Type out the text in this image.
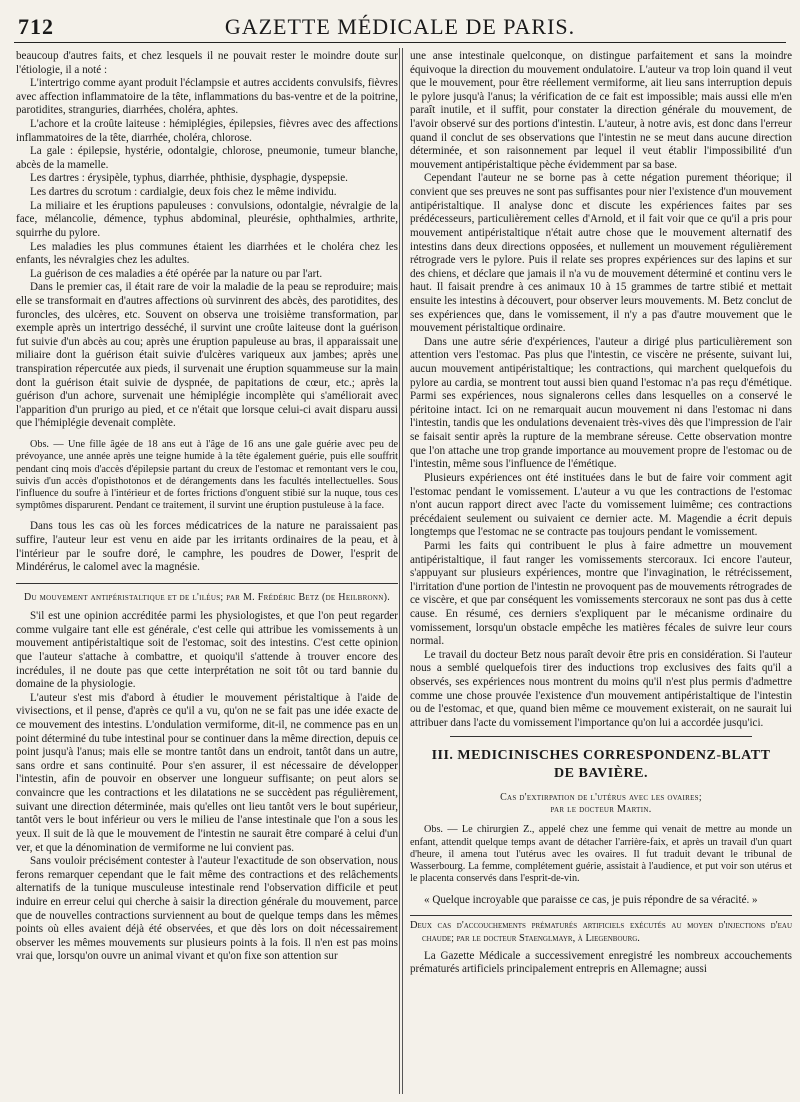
712	GAZETTE MÉDICALE DE PARIS.

beaucoup d'autres faits, et chez lesquels il ne pouvait rester le moindre doute sur l'étiologie, il a noté :

L'intertrigo comme ayant produit l'éclampsie et autres accidents convulsifs, fièvres avec affection inflammatoire de la tête, inflammations du bas-ventre et de la poitrine, parotidites, stranguries, diarrhées, choléra, aphtes.

L'achore et la croûte laiteuse : hémiplégies, épilepsies, fièvres avec des affections inflammatoires de la tête, diarrhée, choléra, chlorose.

La gale : épilepsie, hystérie, odontalgie, chlorose, pneumonie, tumeur blanche, abcès de la mamelle.

Les dartres : érysipèle, typhus, diarrhée, phthisie, dysphagie, dyspepsie.

Les dartres du scrotum : cardialgie, deux fois chez le même individu.

La miliaire et les éruptions papuleuses : convulsions, odontalgie, névralgie de la face, mélancolie, démence, typhus abdominal, pleurésie, ophthalmies, arthrite, squirrhe du pylore.

Les maladies les plus communes étaient les diarrhées et le choléra chez les enfants, les névralgies chez les adultes.

La guérison de ces maladies a été opérée par la nature ou par l'art.

Dans le premier cas, il était rare de voir la maladie de la peau se reproduire; mais elle se transformait en d'autres affections où survinrent des abcès, des parotidites, des furoncles, des ulcères, etc. Souvent on observa une troisième transformation, par exemple après un intertrigo desséché, il survint une croûte laiteuse dont la guérison fut suivie d'un abcès au cou; après une éruption papuleuse au bras, il apparaissait une miliaire dont la guérison était suivie d'ulcères variqueux aux jambes; après une transpiration répercutée aux pieds, il survenait une éruption squammeuse sur la main dont la guérison était suivie de dyspnée, de papitations de cœur, etc.; après la guérison d'un achore, survenait une hémiplégie incomplète qui s'améliorait avec l'apparition d'un prurigo au pied, et ce n'était que lorsque celui-ci avait disparu aussi que l'hémiplégie devenait complète.

Obs. — Une fille âgée de 18 ans eut à l'âge de 16 ans une gale guérie avec peu de prévoyance, une année après une teigne humide à la tête également guérie, puis elle souffrit pendant cinq mois d'accès d'épilepsie partant du creux de l'estomac et remontant vers le cou, suivis d'un accès d'opisthotonos et de dérangements dans les facultés intellectuelles. Sous l'influence du soufre à l'intérieur et de fortes frictions d'onguent stibié sur la nuque, tous ces symptômes disparurent. Pendant ce traitement, il survint une éruption pustuleuse à la face.

Dans tous les cas où les forces médicatrices de la nature ne paraissaient pas suffire, l'auteur leur est venu en aide par les irritants ordinaires de la peau, et à l'intérieur par le soufre doré, le camphre, les poudres de Dower, l'esprit de Mindérérus, le calomel avec la magnésie.

Du mouvement antipéristaltique et de l'iléus; par M. Frédéric Betz (de Heilbronn).

S'il est une opinion accréditée parmi les physiologistes, et que l'on peut regarder comme vulgaire tant elle est générale, c'est celle qui attribue les vomissements à un mouvement antipéristaltique soit de l'estomac, soit des intestins. C'est cette opinion que l'auteur s'attache à combattre, et quoiqu'il s'attende à trouver encore des incrédules, il ne doute pas que cette interprétation ne soit tôt ou tard bannie du domaine de la physiologie.

L'auteur s'est mis d'abord à étudier le mouvement péristaltique à l'aide de vivisections, et il pense, d'après ce qu'il a vu, qu'on ne se fait pas une idée exacte de ce mouvement des intestins. L'ondulation vermiforme, dit-il, ne commence pas en un point déterminé du tube intestinal pour se continuer dans la même direction, depuis ce point jusqu'à l'anus; mais elle se montre tantôt dans un endroit, tantôt dans un autre, sans ordre et sans continuité. Pour s'en assurer, il est nécessaire de développer l'intestin, afin de pouvoir en observer une longueur suffisante; on peut alors se convaincre que les contractions et les dilatations ne se succèdent pas régulièrement, suivant une direction déterminée, mais qu'elles ont lieu tantôt vers le bout supérieur, tantôt vers le bout inférieur ou vers le milieu de l'anse intestinale que l'on a sous les yeux. Il suit de là que le mouvement de l'intestin ne saurait être comparé à celui d'un ver, et que la dénomination de vermiforme ne lui convient pas.

Sans vouloir précisément contester à l'auteur l'exactitude de son observation, nous ferons remarquer cependant que le fait même des contractions et des relâchements alternatifs de la tunique musculeuse intestinale rend l'observation difficile et peut induire en erreur celui qui cherche à saisir la direction générale du mouvement, parce que de nouvelles contractions surviennent au bout de quelque temps dans les mêmes points où elles avaient déjà été observées, et que dès lors on doit nécessairement observer les mêmes mouvements sur plusieurs points à la fois. Il n'en est pas moins vrai que, lorsqu'on ouvre un animal vivant et qu'on fixe son attention sur

une anse intestinale quelconque, on distingue parfaitement et sans la moindre équivoque la direction du mouvement ondulatoire. L'auteur va trop loin quand il veut que le mouvement, pour être réellement vermiforme, ait lieu sans interruption depuis le pylore jusqu'à l'anus; la vérification de ce fait est impossible; mais aussi elle m'en paraît inutile, et il suffit, pour constater la direction générale du mouvement, de l'avoir observé sur des portions d'intestin. L'auteur, à notre avis, est donc dans l'erreur quand il conclut de ses observations que l'intestin ne se meut dans aucune direction déterminée, et son raisonnement par lequel il veut établir l'impossibilité d'un mouvement antipéristaltique pèche évidemment par sa base.

Cependant l'auteur ne se borne pas à cette négation purement théorique; il convient que ses preuves ne sont pas suffisantes pour nier l'existence d'un mouvement antipéristaltique. Il analyse donc et discute les expériences faites par ses prédécesseurs, particulièrement celles d'Arnold, et il fait voir que ce qu'il a pris pour mouvement antipéristaltique n'était autre chose que le mouvement alternatif des intestins dans deux directions opposées, et nullement un mouvement régulièrement rétrograde vers le pylore. Puis il relate ses propres expériences sur des lapins et sur des chiens, et déclare que jamais il n'a vu de mouvement déterminé et continu vers le haut. Il faisait prendre à ces animaux 10 à 15 grammes de tartre stibié et mettait ensuite les intestins à découvert, pour observer leurs mouvements. M. Betz conclut de ses expériences que, dans le vomissement, il n'y a pas d'autre mouvement que le mouvement péristaltique ordinaire.

Dans une autre série d'expériences, l'auteur a dirigé plus particulièrement son attention vers l'estomac. Pas plus que l'intestin, ce viscère ne présente, suivant lui, aucun mouvement antipéristaltique; les contractions, qui marchent quelquefois du pylore au cardia, se montrent tout aussi bien quand l'estomac n'a pas reçu d'émétique. Parmi ses expériences, nous signalerons celles dans lesquelles on a conservé le péritoine intact. Ici on ne remarquait aucun mouvement ni dans l'estomac ni dans l'intestin, tandis que les ondulations devenaient très-vives dès que l'impression de l'air se faisait sentir après la rupture de la membrane séreuse. Cette observation montre que l'on attache une trop grande importance au mouvement propre de l'estomac ou de l'intestin, même sous l'influence de l'émétique.

Plusieurs expériences ont été instituées dans le but de faire voir comment agit l'estomac pendant le vomissement. L'auteur a vu que les contractions de l'estomac n'ont aucun rapport direct avec l'acte du vomissement luimême; ces contractions précédaient seulement ou suivaient ce dernier acte. M. Magendie a écrit depuis longtemps que l'estomac ne se contracte pas toujours pendant le vomissement.

Parmi les faits qui contribuent le plus à faire admettre un mouvement antipéristaltique, il faut ranger les vomissements stercoraux. Ici encore l'auteur, s'appuyant sur plusieurs expériences, montre que l'invagination, le rétrécissement, l'irritation d'une portion de l'intestin ne provoquent pas de mouvements rétrogrades de ce viscère, et que par conséquent les vomissements stercoraux ne sont pas dus à cette cause. En résumé, ces derniers s'expliquent par le mécanisme ordinaire du vomissement, lorsqu'un obstacle empêche les matières fécales de suivre leur cours normal.

Le travail du docteur Betz nous paraît devoir être pris en considération. Si l'auteur nous a semblé quelquefois tirer des inductions trop exclusives des faits qu'il a observés, ses expériences nous montrent du moins qu'il n'est plus permis d'admettre comme une chose prouvée l'existence d'un mouvement antipéristaltique de l'intestin ou de l'estomac, et que, quand bien même ce mouvement existerait, on ne saurait lui attribuer dans l'acte du vomissement l'importance qu'on lui a accordée jusqu'ici.

III. MEDICINISCHES CORRESPONDENZ-BLATT

DE BAVIÈRE.

Cas d'extirpation de l'utérus avec les ovaires;

par le docteur Martin.

Obs. — Le chirurgien Z., appelé chez une femme qui venait de mettre au monde un enfant, attendit quelque temps avant de détacher l'arrière-faix, et après un travail d'un quart d'heure, il amena tout l'utérus avec les ovaires. Il fut traduit devant le tribunal de Wasserbourg. La femme, complétement guérie, assistait à l'audience, et put voir son utérus et le placenta conservés dans l'esprit-de-vin.

« Quelque incroyable que paraisse ce cas, je puis répondre de sa véracité. »

Deux cas d'accouchements prématurés artificiels exécutés au moyen d'injections d'eau chaude; par le docteur Staenglmayr, à Liegenbourg.

La Gazette Médicale a successivement enregistré les nombreux accouchements prématurés artificiels principalement entrepris en Allemagne; aussi
